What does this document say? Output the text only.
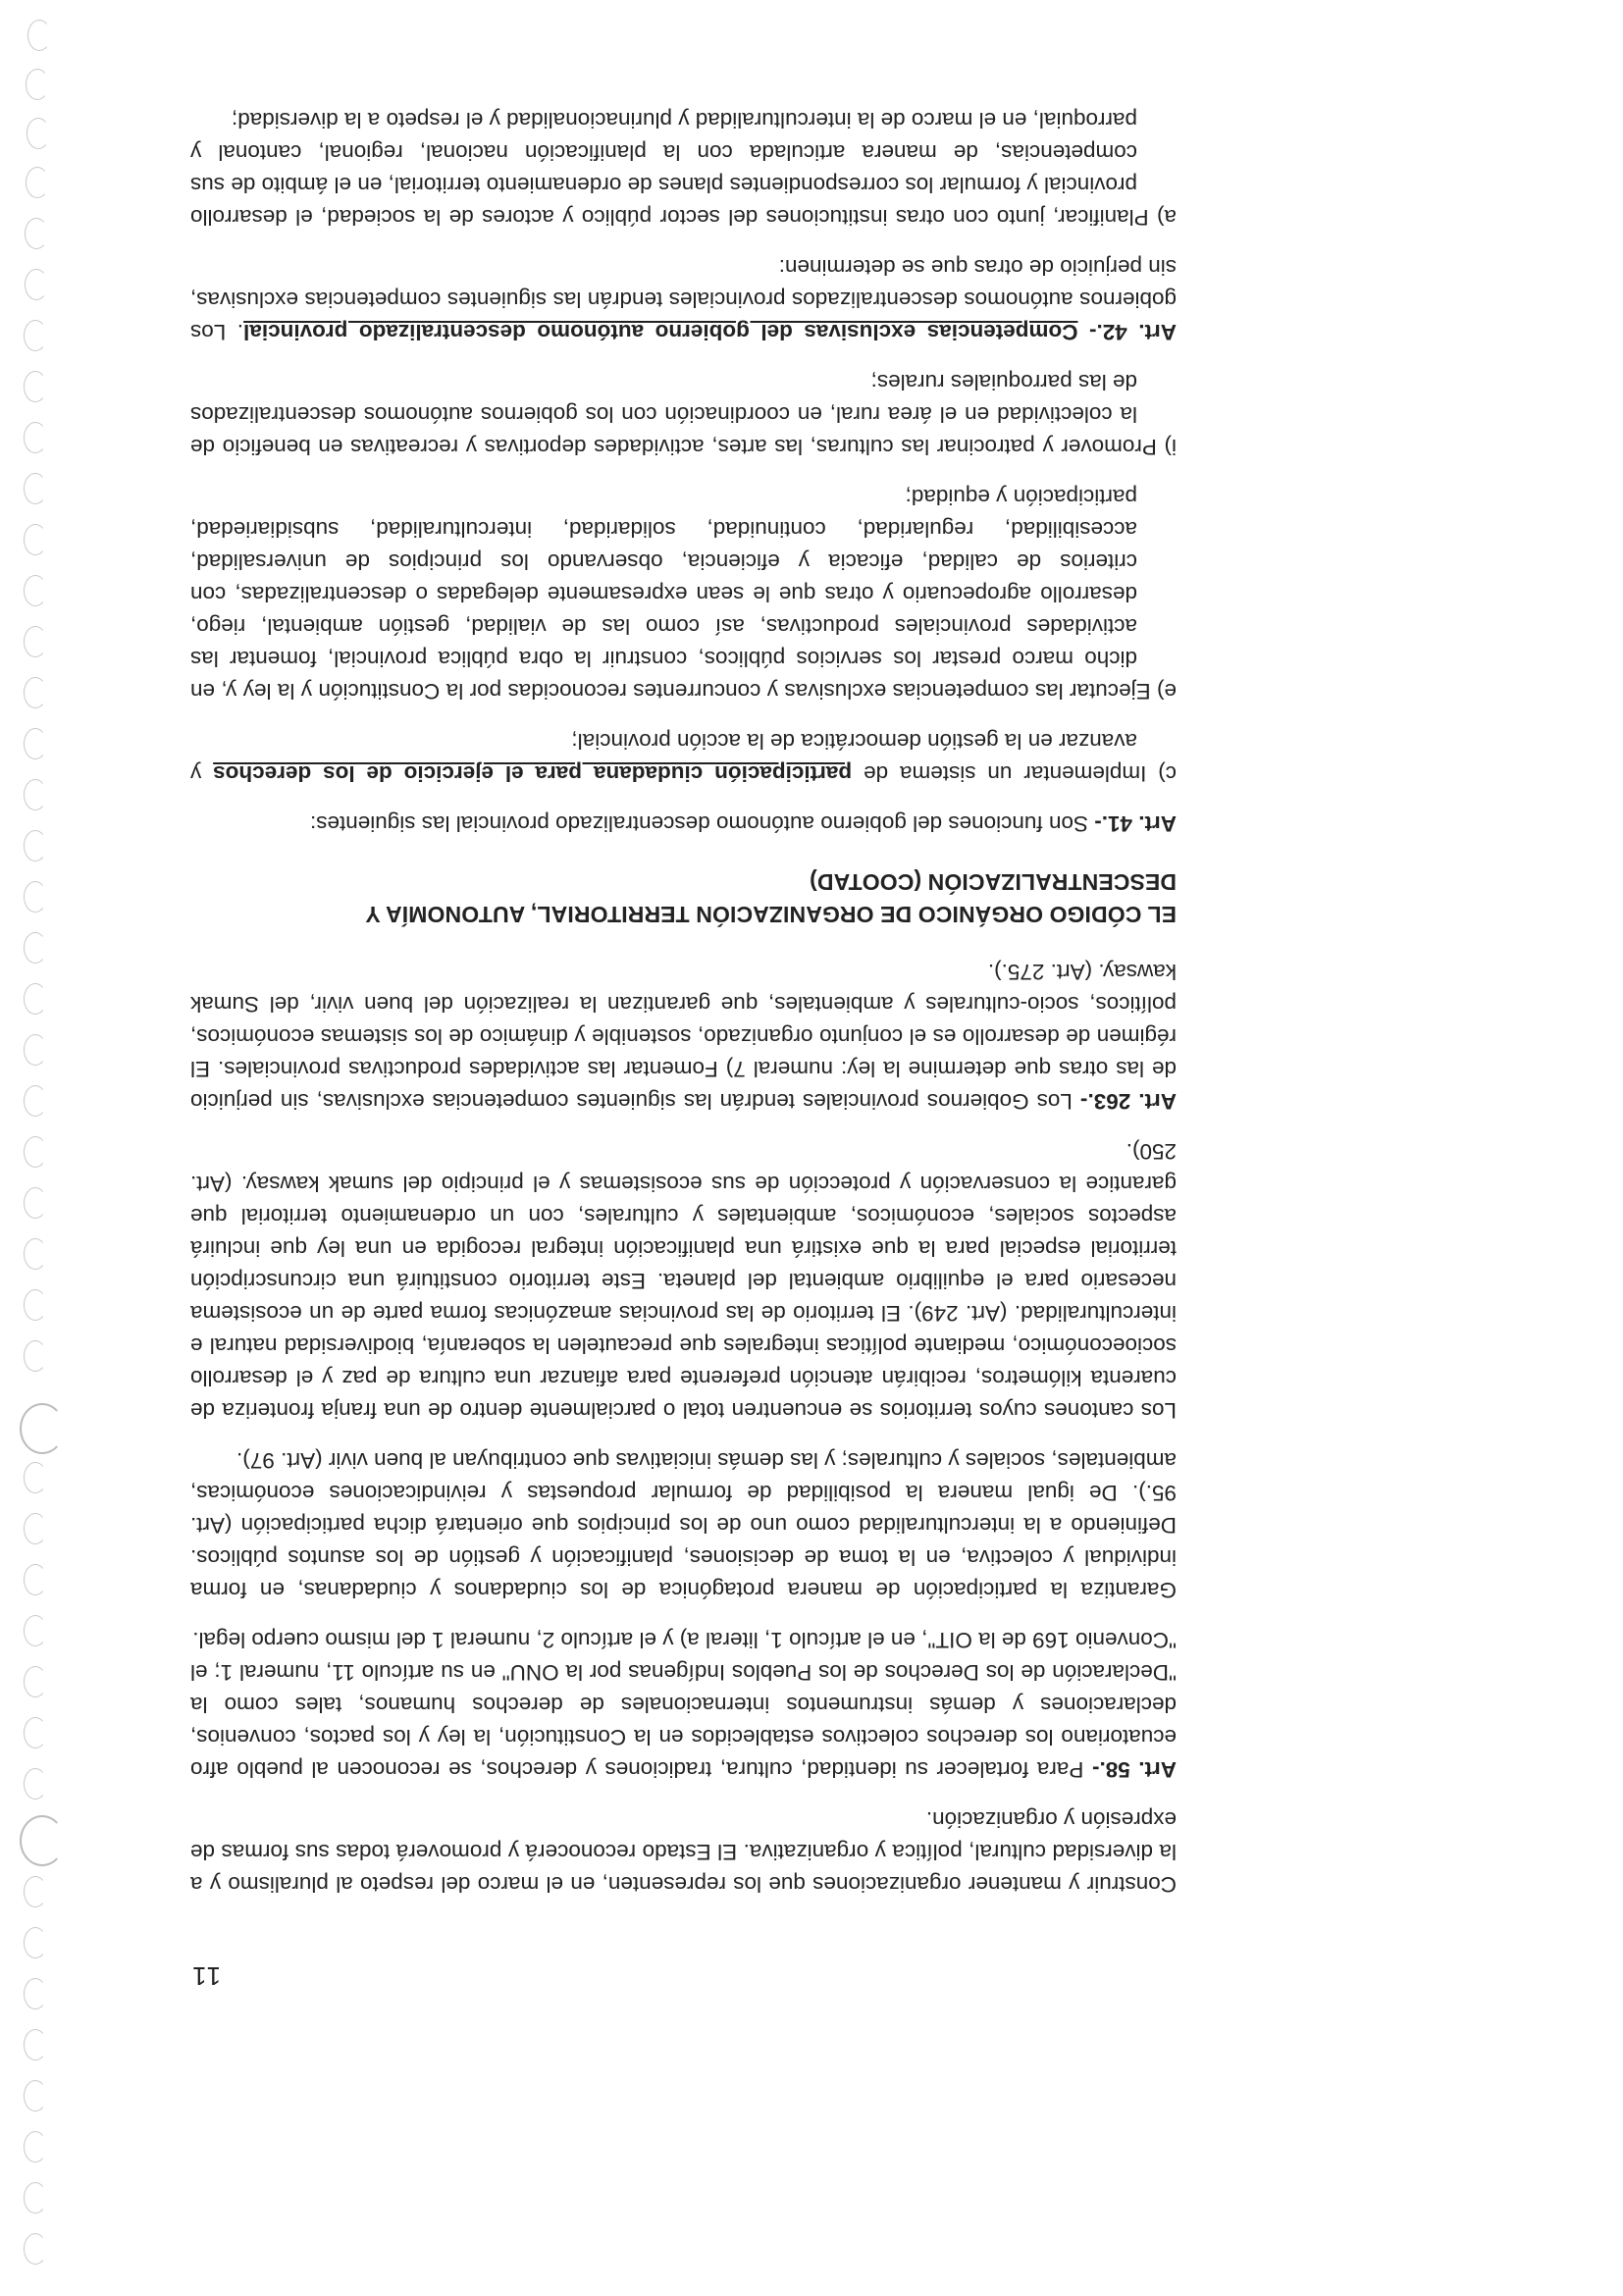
11

Construir y mantener organizaciones que los representen, en el marco del respeto al pluralismo y a la diversidad cultural, política y organizativa. El Estado reconocerá y promoverá todas sus formas de expresión y organización.

Art. 58.- Para fortalecer su identidad, cultura, tradiciones y derechos, se reconocen al pueblo afro ecuatoriano los derechos colectivos establecidos en la Constitución, la ley y los pactos, convenios, declaraciones y demás instrumentos internacionales de derechos humanos, tales como la "Declaración de los Derechos de los Pueblos Indígenas por la ONU" en su artículo 11, numeral 1; el "Convenio 169 de la OIT", en el artículo 1, literal a) y el artículo 2, numeral 1 del mismo cuerpo legal.

Garantiza la participación de manera protagónica de los ciudadanos y ciudadanas, en forma individual y colectiva, en la toma de decisiones, planificación y gestión de los asuntos públicos. Definiendo a la interculturalidad como uno de los principios que orientará dicha participación (Art. 95.). De igual manera la posibilidad de formular propuestas y reivindicaciones económicas, ambientales, sociales y culturales; y las demás iniciativas que contribuyan al buen vivir (Art. 97).

Los cantones cuyos territorios se encuentren total o parcialmente dentro de una franja fronteriza de cuarenta kilómetros, recibirán atención preferente para afianzar una cultura de paz y el desarrollo socioeconómico, mediante políticas integrales que precautelen la soberanía, biodiversidad natural e interculturalidad. (Art. 249). El territorio de las provincias amazónicas forma parte de un ecosistema necesario para el equilibrio ambiental del planeta. Este territorio constituirá una circunscripción territorial especial para la que existirá una planificación integral recogida en una ley que incluirá aspectos sociales, económicos, ambientales y culturales, con un ordenamiento territorial que garantice la conservación y protección de sus ecosistemas y el principio del sumak kawsay. (Art. 250).

Art. 263.- Los Gobiernos provinciales tendrán las siguientes competencias exclusivas, sin perjuicio de las otras que determine la ley: numeral 7) Fomentar las actividades productivas provinciales. El régimen de desarrollo es el conjunto organizado, sostenible y dinámico de los sistemas económicos, políticos, socio-culturales y ambientales, que garantizan la realización del buen vivir, del Sumak kawsay. (Art. 275.).

EL CÓDIGO ORGÁNICO DE ORGANIZACIÓN TERRITORIAL, AUTONOMÍA Y DESCENTRALIZACIÓN (COOTAD)

Art. 41.- Son funciones del gobierno autónomo descentralizado provincial las siguientes:

c) Implementar un sistema de participación ciudadana para el ejercicio de los derechos y avanzar en la gestión democrática de la acción provincial;

e) Ejecutar las competencias exclusivas y concurrentes reconocidas por la Constitución y la ley y, en dicho marco prestar los servicios públicos, construir la obra pública provincial, fomentar las actividades provinciales productivas, así como las de vialidad, gestión ambiental, riego, desarrollo agropecuario y otras que le sean expresamente delegadas o descentralizadas, con criterios de calidad, eficacia y eficiencia, observando los principios de universalidad, accesibilidad, regularidad, continuidad, solidaridad, interculturalidad, subsidiariedad, participación y equidad;

i) Promover y patrocinar las culturas, las artes, actividades deportivas y recreativas en beneficio de la colectividad en el área rural, en coordinación con los gobiernos autónomos descentralizados de las parroquiales rurales;

Art. 42.- Competencias exclusivas del gobierno autónomo descentralizado provincial. Los gobiernos autónomos descentralizados provinciales tendrán las siguientes competencias exclusivas, sin perjuicio de otras que se determinen:

a) Planificar, junto con otras instituciones del sector público y actores de la sociedad, el desarrollo provincial y formular los correspondientes planes de ordenamiento territorial, en el ámbito de sus competencias, de manera articulada con la planificación nacional, regional, cantonal y parroquial, en el marco de la interculturalidad y plurinacionalidad y el respeto a la diversidad;
